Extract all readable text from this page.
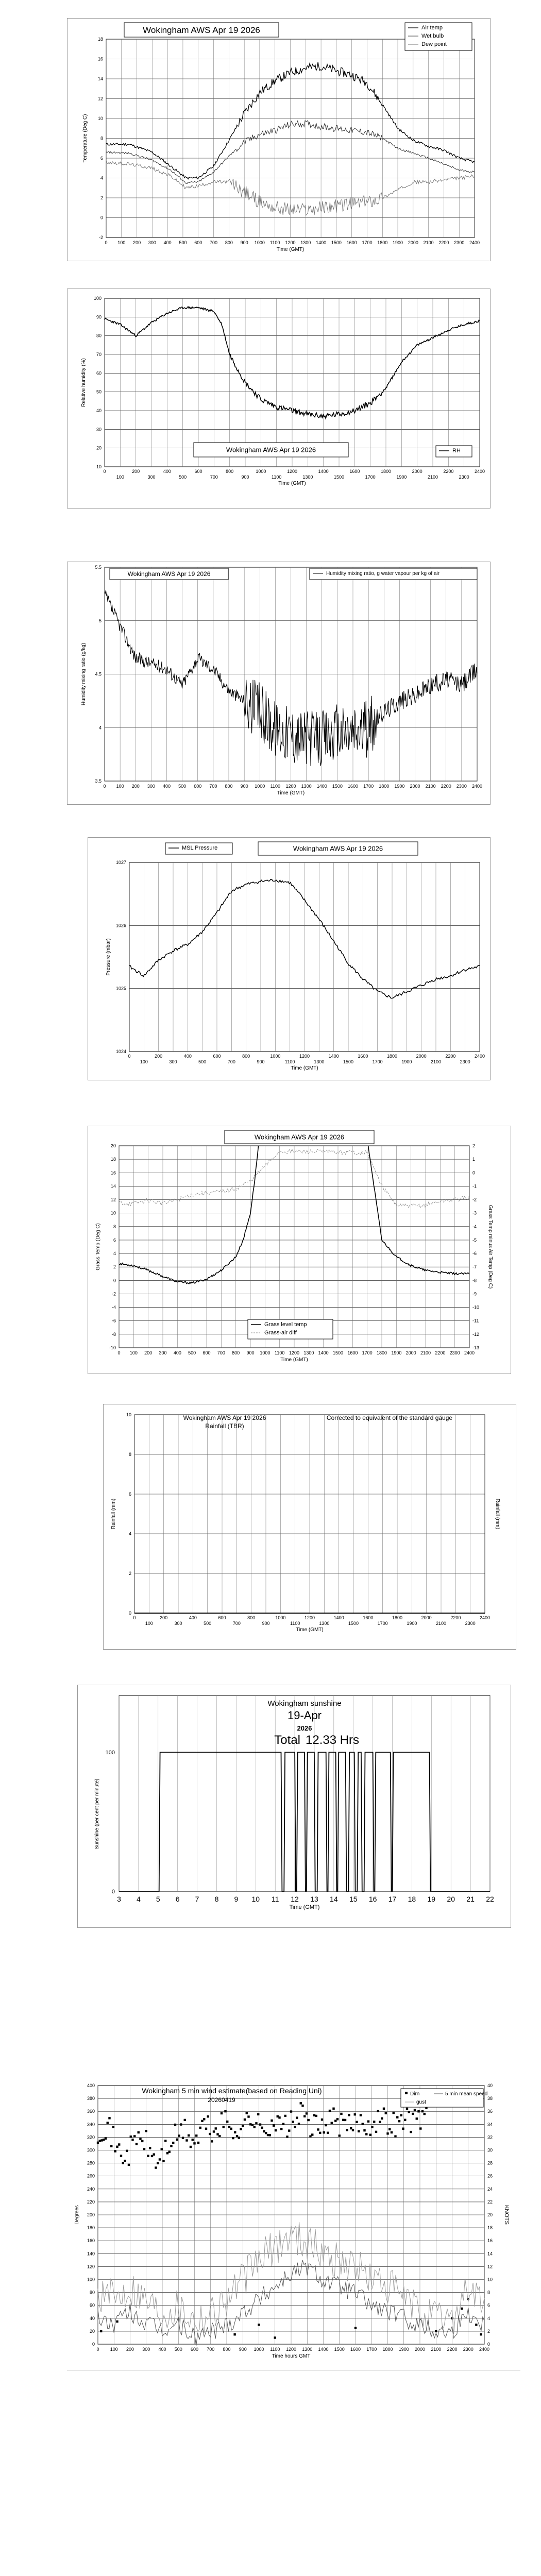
-2
0
2
4
6
8
10
12
14
16
18
0 100 200 300 400 500 600 700 800 900 1000 1100 1200 1300 1400 1500 1600 1700 1800 1900 2000 2100 2200 2300 2400
Time (GMT)
Temperature (Deg C)
Wokingham AWS Apr 19 2026	Air temp
Wet bulb
Dew point
10
20
30
40
50
60
70
80
90
100
0	200	400	600	800	1000	1200	1400	1600	1800	2000	2200	2400
100	300	500	700	900	1100	1300	1500	1700	1900	2100	2300
Time (GMT)
Relative humidity (%)
Wokingham AWS Apr 19 2026	RH
3.5
4
4.5
5
5.5
0 100 200 300 400 500 600 700 800 900 1000 1100 1200 1300 1400 1500 1600 1700 1800 1900 2000 2100 2200 2300 2400
Time (GMT)
Humidity mixing ratio (g/kg)
Wokingham AWS Apr 19 2026	Humidity mixing ratio, g water vapour per kg of air
1024
1025
1026
1027
0	200	400	600	800	1000	1200	1400	1600	1800	2000	2200	2400
100	300	500	700	900	1100	1300	1500	1700	1900	2100	2300
Time (GMT)
Pressure (mbar)
Wokingham AWS Apr 19 2026
MSL Pressure
-10
-8
-6
-4
-2
0
2
4
6
8
10
12
14
16
18
20
0 100 200 300 400 500 600 700 800 900 1000 1100 1200 1300 1400 1500 1600 1700 1800 1900 2000 2100 2200 2300 2400
Time (GMT)
Grass Temp (Deg C)
-13
-12
-11
-10
-9
-8
-7
-6
-5
-4
-3
-2
-1
0
1
2
Grass Temp minus Air Temp (Deg C)
Wokingham AWS Apr 19 2026
Grass level temp
Grass-air diff
0
2
4
6
8
10
0	200	400	600	800	1000	1200	1400	1600	1800	2000	2200	2400
100	300	500	700	900	1100	1300	1500	1700	1900	2100	2300
Time (GMT)
Rainfall (mm)	Rainfall (mm)
Wokingham AWS Apr 19 2026
Rainfall (TBR)
Corrected to equivalent of the standard gauge
3 4 5 6 7 8 9 10 11 12 13 14 15 16 17 18 19 20 21 22
0
100
Time (GMT)
Sunshine (per cent per minute)
Wokingham sunshine
19-Apr
2026
Total 12.33 Hrs
0
20
40
60
80
100
120
140
160
180
200
220
240
260
280
300
320
340
360
380
400
0 100 200 300 400 500 600 700 800 900 1000 1100 1200 1300 1400 1500 1600 1700 1800 1900 2000 2100 2200 2300 2400
Time hours GMT
Degrees
0
2
4
6
8
10
12
14
16
18
20
22
24
26
28
30
32
34
36
38
40
KNOTS
Wokingham 5 min wind estimate(based on Reading Uni)
20260419
Dirn	5 min mean speed
gust
